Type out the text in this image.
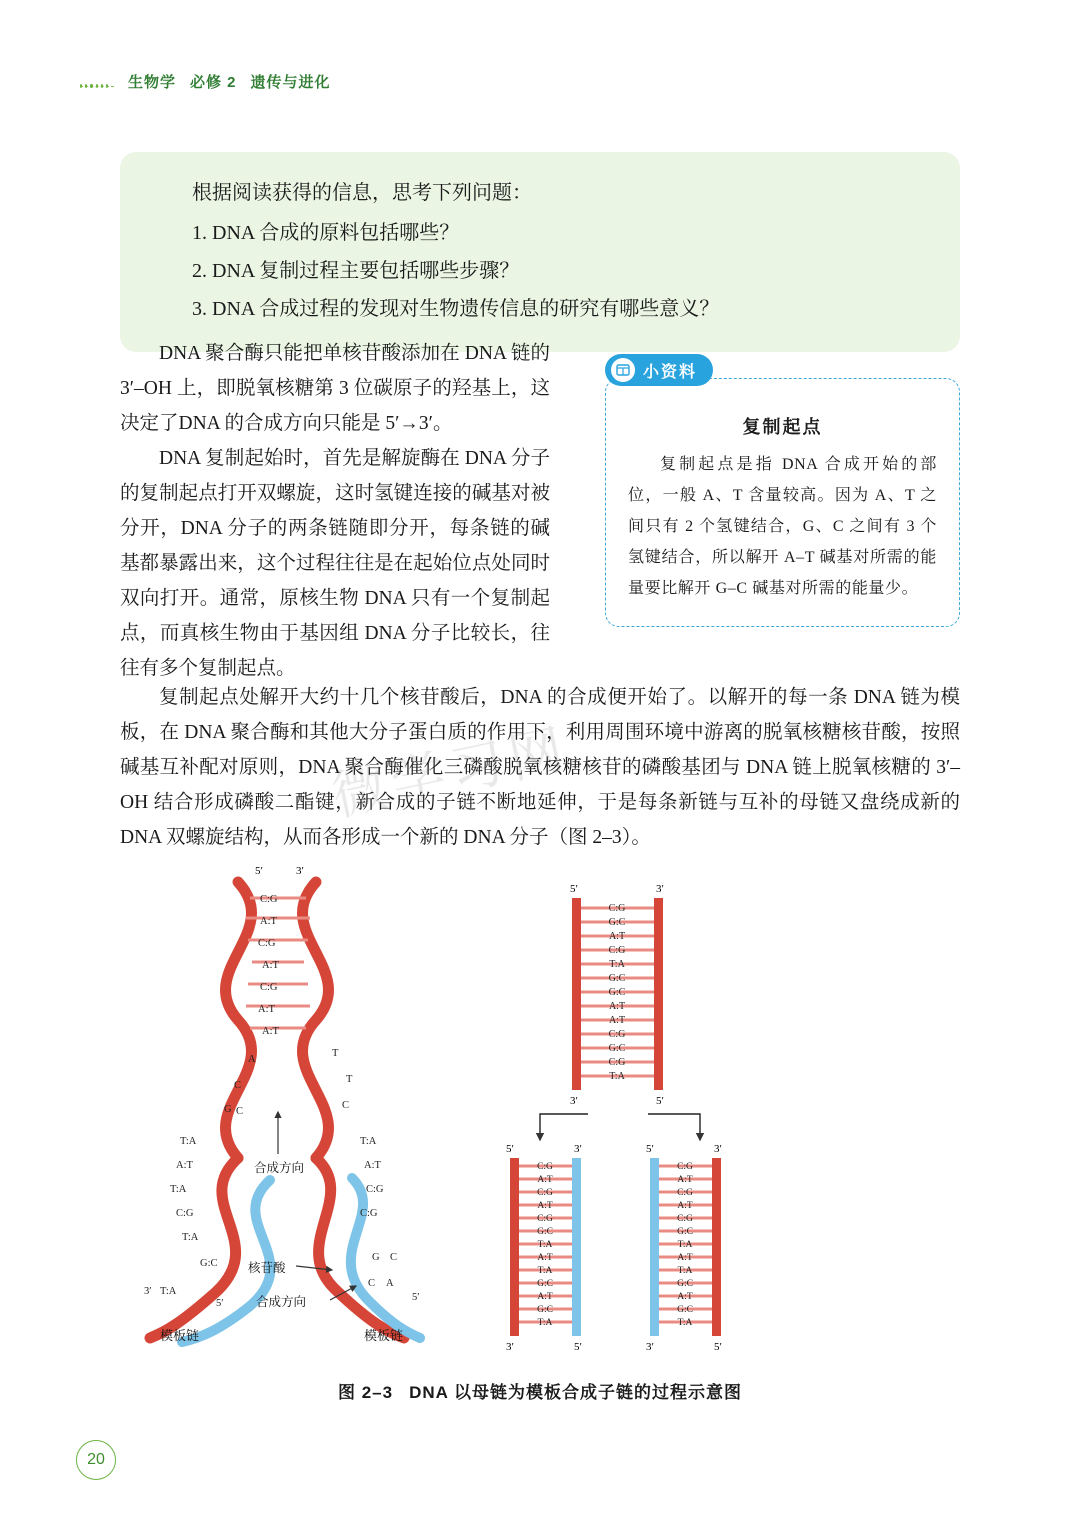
生物学 必修 2 遗传与进化

根据阅读获得的信息，思考下列问题：

1. DNA 合成的原料包括哪些？
2. DNA 复制过程主要包括哪些步骤？
3. DNA 合成过程的发现对生物遗传信息的研究有哪些意义？

DNA 聚合酶只能把单核苷酸添加在 DNA 链的 3′–OH 上，即脱氧核糖第 3 位碳原子的羟基上，这决定了DNA 的合成方向只能是 5′→3′。

DNA 复制起始时，首先是解旋酶在 DNA 分子的复制起点打开双螺旋，这时氢键连接的碱基对被分开，DNA 分子的两条链随即分开，每条链的碱基都暴露出来，这个过程往往是在起始位点处同时双向打开。通常，原核生物 DNA 只有一个复制起点，而真核生物由于基因组 DNA 分子比较长，往往有多个复制起点。

复制起点

复制起点是指 DNA 合成开始的部位，一般 A、T 含量较高。因为 A、T 之间只有 2 个氢键结合，G、C 之间有 3 个氢键结合，所以解开 A–T 碱基对所需的能量要比解开 G–C 碱基对所需的能量少。

小资料

复制起点处解开大约十几个核苷酸后，DNA 的合成便开始了。以解开的每一条 DNA 链为模板，在 DNA 聚合酶和其他大分子蛋白质的作用下，利用周围环境中游离的脱氧核糖核苷酸，按照碱基互补配对原则，DNA 聚合酶催化三磷酸脱氧核糖核苷的磷酸基团与 DNA 链上脱氧核糖的 3′–OH 结合形成磷酸二酯键，新合成的子链不断地延伸，于是每条新链与互补的母链又盘绕成新的 DNA 双螺旋结构，从而各形成一个新的 DNA 分子（图 2–3）。

5′	3′
C:G
A:T
C:G
A:T
C:G
A:T
A:T
A
C
G C
T:A
A:T
T:A
C:G
T:A
G:C
T:A
3′
5′
T
T
C
T:A
A:T
C:G
C:G
G C
C A
5′
合成方向
合成方向
核苷酸
模板链	模板链
C:G
G:C
A:T
C:G
T:A
G:C
G:C
A:T
A:T
C:G
G:C
C:G
T:A
5′	3′
3′	5′
C:G
A:T
C:G
A:T
C:G
G:C
T:A
A:T
T:A
G:C
A:T
G:C
T:A
5′	3′
3′	5′
C:G
A:T
C:G
A:T
C:G
G:C
T:A
A:T
T:A
G:C
A:T
G:C
T:A
5′	3′
3′	5′
图 2–3 DNA 以母链为模板合成子链的过程示意图
微学习网
20
